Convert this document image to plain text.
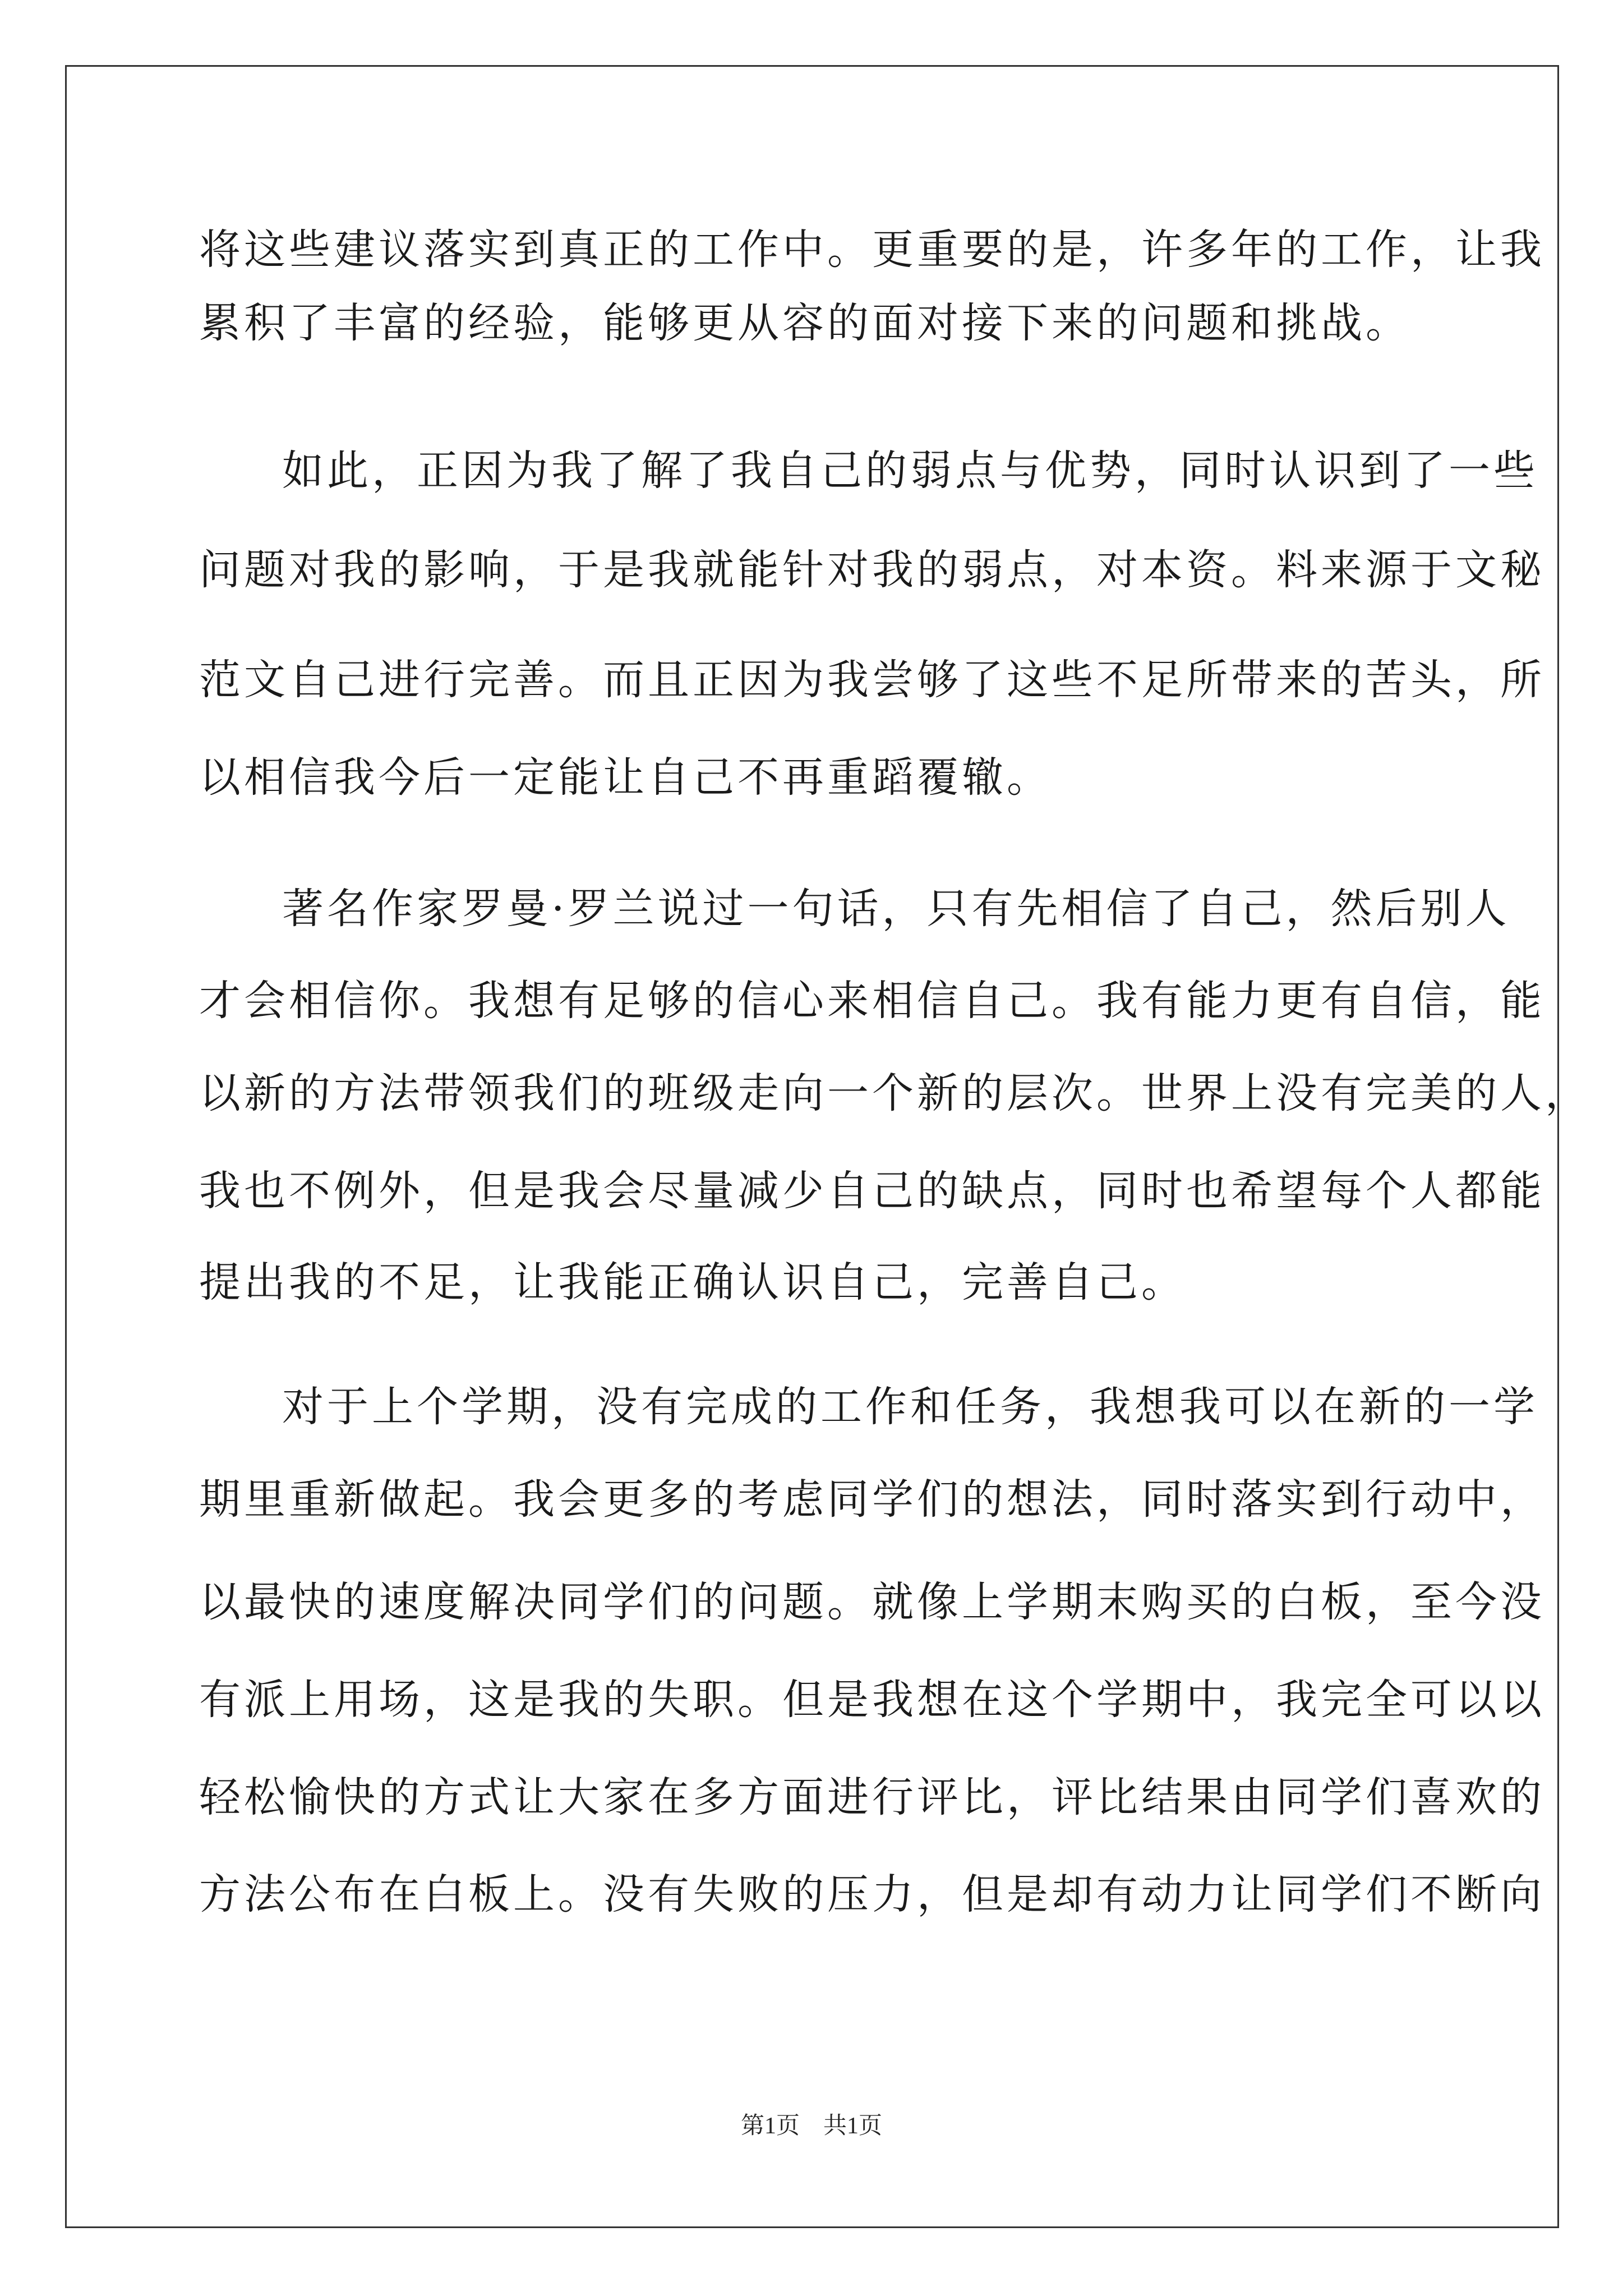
将这些建议落实到真正的工作中。更重要的是，许多年的工作，让我
累积了丰富的经验，能够更从容的面对接下来的问题和挑战。
如此，正因为我了解了我自己的弱点与优势，同时认识到了一些
问题对我的影响，于是我就能针对我的弱点，对本资。料来源于文秘
范文自己进行完善。而且正因为我尝够了这些不足所带来的苦头，所
以相信我今后一定能让自己不再重蹈覆辙。
著名作家罗曼·罗兰说过一句话，只有先相信了自己，然后别人
才会相信你。我想有足够的信心来相信自己。我有能力更有自信，能
以新的方法带领我们的班级走向一个新的层次。世界上没有完美的人，
我也不例外，但是我会尽量减少自己的缺点，同时也希望每个人都能
提出我的不足，让我能正确认识自己，完善自己。
对于上个学期，没有完成的工作和任务，我想我可以在新的一学
期里重新做起。我会更多的考虑同学们的想法，同时落实到行动中，
以最快的速度解决同学们的问题。就像上学期末购买的白板，至今没
有派上用场，这是我的失职。但是我想在这个学期中，我完全可以以
轻松愉快的方式让大家在多方面进行评比，评比结果由同学们喜欢的
方法公布在白板上。没有失败的压力，但是却有动力让同学们不断向
第1页　共1页
